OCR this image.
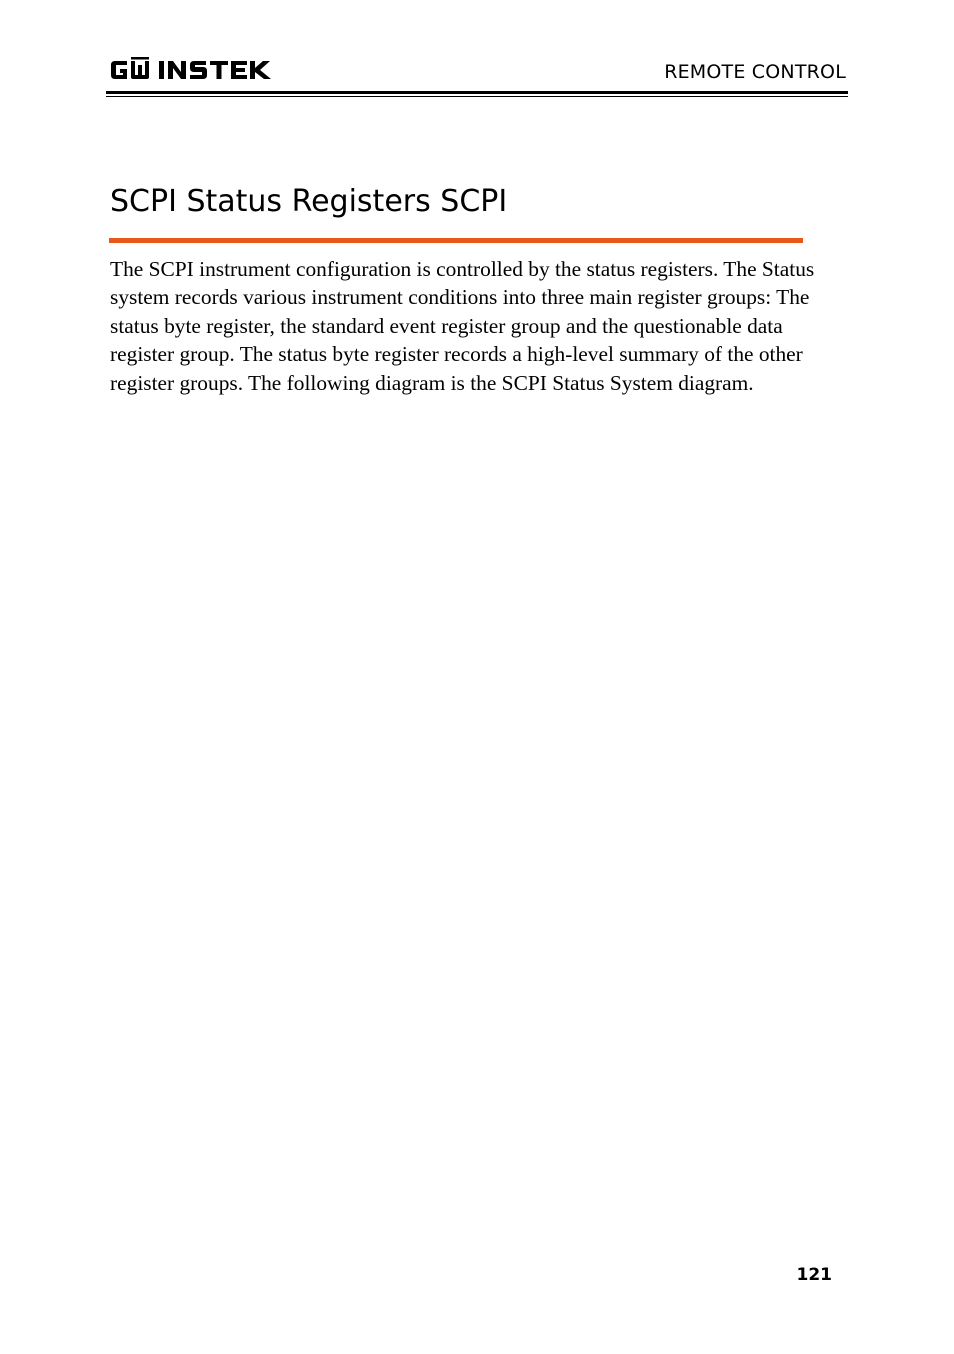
REMOTE CONTROL
SCPI Status Registers SCPI

The SCPI instrument configuration is controlled by the status registers. The Status system records various instrument conditions into three main register groups: The status byte register, the standard event register group and the questionable data register group. The status byte register records a high-level summary of the other register groups. The following diagram is the SCPI Status System diagram.

121
